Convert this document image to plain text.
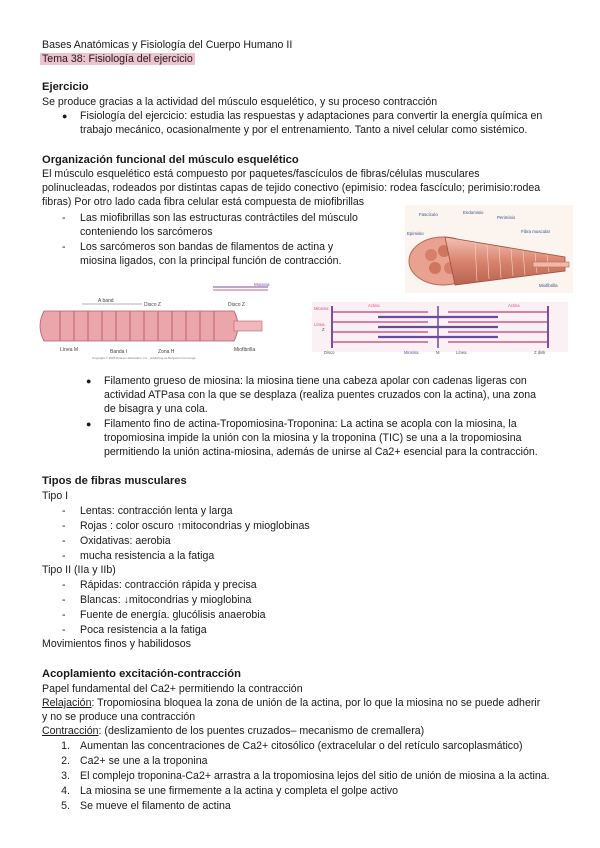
Bases Anatómicas y Fisiología del Cuerpo Humano II
Tema 38: Fisiología del ejercicio
Ejercicio
Se produce gracias a la actividad del músculo esquelético, y su proceso contracción
● Fisiología del ejercicio: estudia las respuestas y adaptaciones para convertir la energía química en
trabajo mecánico, ocasionalmente y por el entrenamiento. Tanto a nivel celular como sistémico.
Organización funcional del músculo esquelético
El músculo esquelético está compuesto por paquetes/fascículos de fibras/células musculares
polinucleadas, rodeados por distintas capas de tejido conectivo (epimisio: rodea fascículo; perimisio:rodea
fibras) Por otro lado cada fibra celular está compuesta de miofibrillas
- Las miofibrillas son las estructuras contráctiles del músculo
conteniendo los sarcómeros
- Los sarcómeros son bandas de filamentos de actina y
miosina ligados, con la principal función de contracción.
Fascículo	Endomisio
Perimisio
Epimisio	Fibra muscular
Miofibrilla
Miosina
A band
Disco Z	Disco Z
Línea M	Banda I	Zona H	Miofibrilla
Copyright © 2006 Pearson Education, Inc., publishing as Benjamin Cummings
Miosina
Actina
Línea
Z
M
Disco
Actina
Miosina	Línea	Z disk
● Filamento grueso de miosina: la miosina tiene una cabeza apolar con cadenas ligeras con
actividad ATPasa con la que se desplaza (realiza puentes cruzados con la actina), una zona
de bisagra y una cola.
● Filamento fino de actina-Tropomiosina-Troponina: La actina se acopla con la miosina, la
tropomiosina impide la unión con la miosina y la troponina (TIC) se una a la tropomiosina
permitiendo la unión actina-miosina, además de unirse al Ca2+ esencial para la contracción.
Tipos de fibras musculares
Tipo I
- Lentas: contracción lenta y larga
- Rojas : color oscuro ↑mitocondrias y mioglobinas
- Oxidativas: aerobia
- mucha resistencia a la fatiga
Tipo II (IIa y IIb)
- Rápidas: contracción rápida y precisa
- Blancas: ↓mitocondrias y mioglobina
- Fuente de energía. glucólisis anaerobia
- Poca resistencia a la fatiga
Movimientos finos y habilidosos
Acoplamiento excitación-contracción
Papel fundamental del Ca2+ permitiendo la contracción
Relajación: Tropomiosina bloquea la zona de unión de la actina, por lo que la miosina no se puede adherir
y no se produce una contracción
Contracción: (deslizamiento de los puentes cruzados– mecanismo de cremallera)
1. Aumentan las concentraciones de Ca2+ citosólico (extracelular o del retículo sarcoplasmático)
2. Ca2+ se une a la troponina
3. El complejo troponina-Ca2+ arrastra a la tropomiosina lejos del sitio de unión de miosina a la actina.
4. La miosina se une firmemente a la actina y completa el golpe activo
5. Se mueve el filamento de actina
